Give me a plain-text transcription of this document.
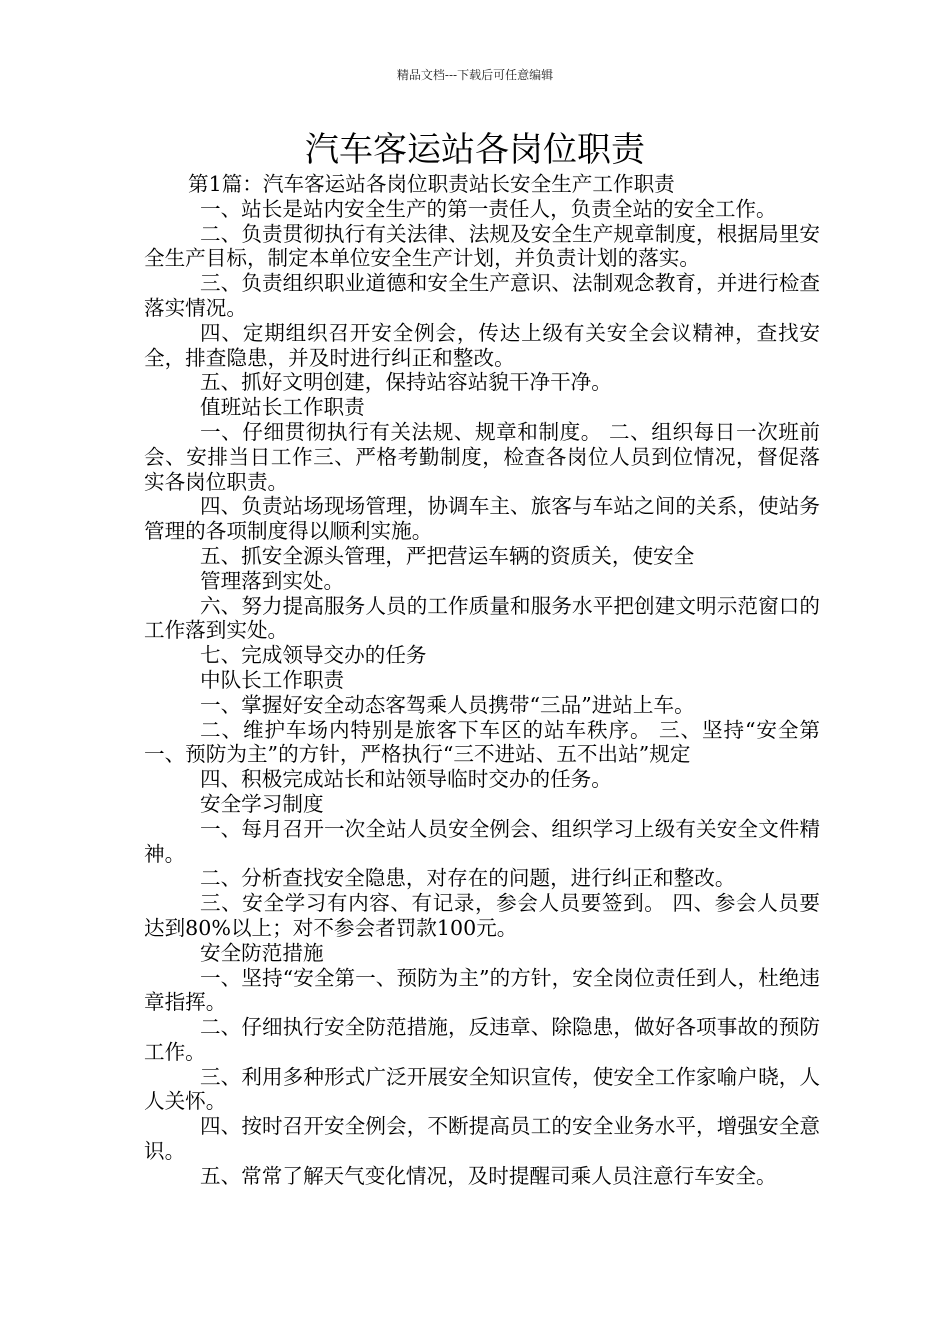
精品文档---下载后可任意编辑
汽车客运站各岗位职责

第1篇：汽车客运站各岗位职责站长安全生产工作职责

一、站长是站内安全生产的第一责任人，负责全站的安全工作。

二、负责贯彻执行有关法律、法规及安全生产规章制度，根据局里安全生产目标，制定本单位安全生产计划，并负责计划的落实。

三、负责组织职业道德和安全生产意识、法制观念教育，并进行检查落实情况。

四、定期组织召开安全例会，传达上级有关安全会议精神，查找安全，排查隐患，并及时进行纠正和整改。

五、抓好文明创建，保持站容站貌干净干净。

值班站长工作职责

一、仔细贯彻执行有关法规、规章和制度。 二、组织每日一次班前会、安排当日工作三、严格考勤制度，检查各岗位人员到位情况，督促落实各岗位职责。

四、负责站场现场管理，协调车主、旅客与车站之间的关系，使站务管理的各项制度得以顺利实施。

五、抓安全源头管理，严把营运车辆的资质关，使安全

管理落到实处。

六、努力提高服务人员的工作质量和服务水平把创建文明示范窗口的工作落到实处。

七、完成领导交办的任务

中队长工作职责

一、掌握好安全动态客驾乘人员携带“三品”进站上车。

二、维护车场内特别是旅客下车区的站车秩序。 三、坚持“安全第一、预防为主”的方针，严格执行“三不进站、五不出站”规定

四、积极完成站长和站领导临时交办的任务。

安全学习制度

一、每月召开一次全站人员安全例会、组织学习上级有关安全文件精神。

二、分析查找安全隐患，对存在的问题，进行纠正和整改。

三、安全学习有内容、有记录，参会人员要签到。 四、参会人员要达到80%以上；对不参会者罚款100元。

安全防范措施

一、坚持“安全第一、预防为主”的方针，安全岗位责任到人，杜绝违章指挥。

二、仔细执行安全防范措施，反违章、除隐患，做好各项事故的预防工作。

三、利用多种形式广泛开展安全知识宣传，使安全工作家喻户晓，人人关怀。

四、按时召开安全例会，不断提高员工的安全业务水平，增强安全意识。

五、常常了解天气变化情况，及时提醒司乘人员注意行车安全。
